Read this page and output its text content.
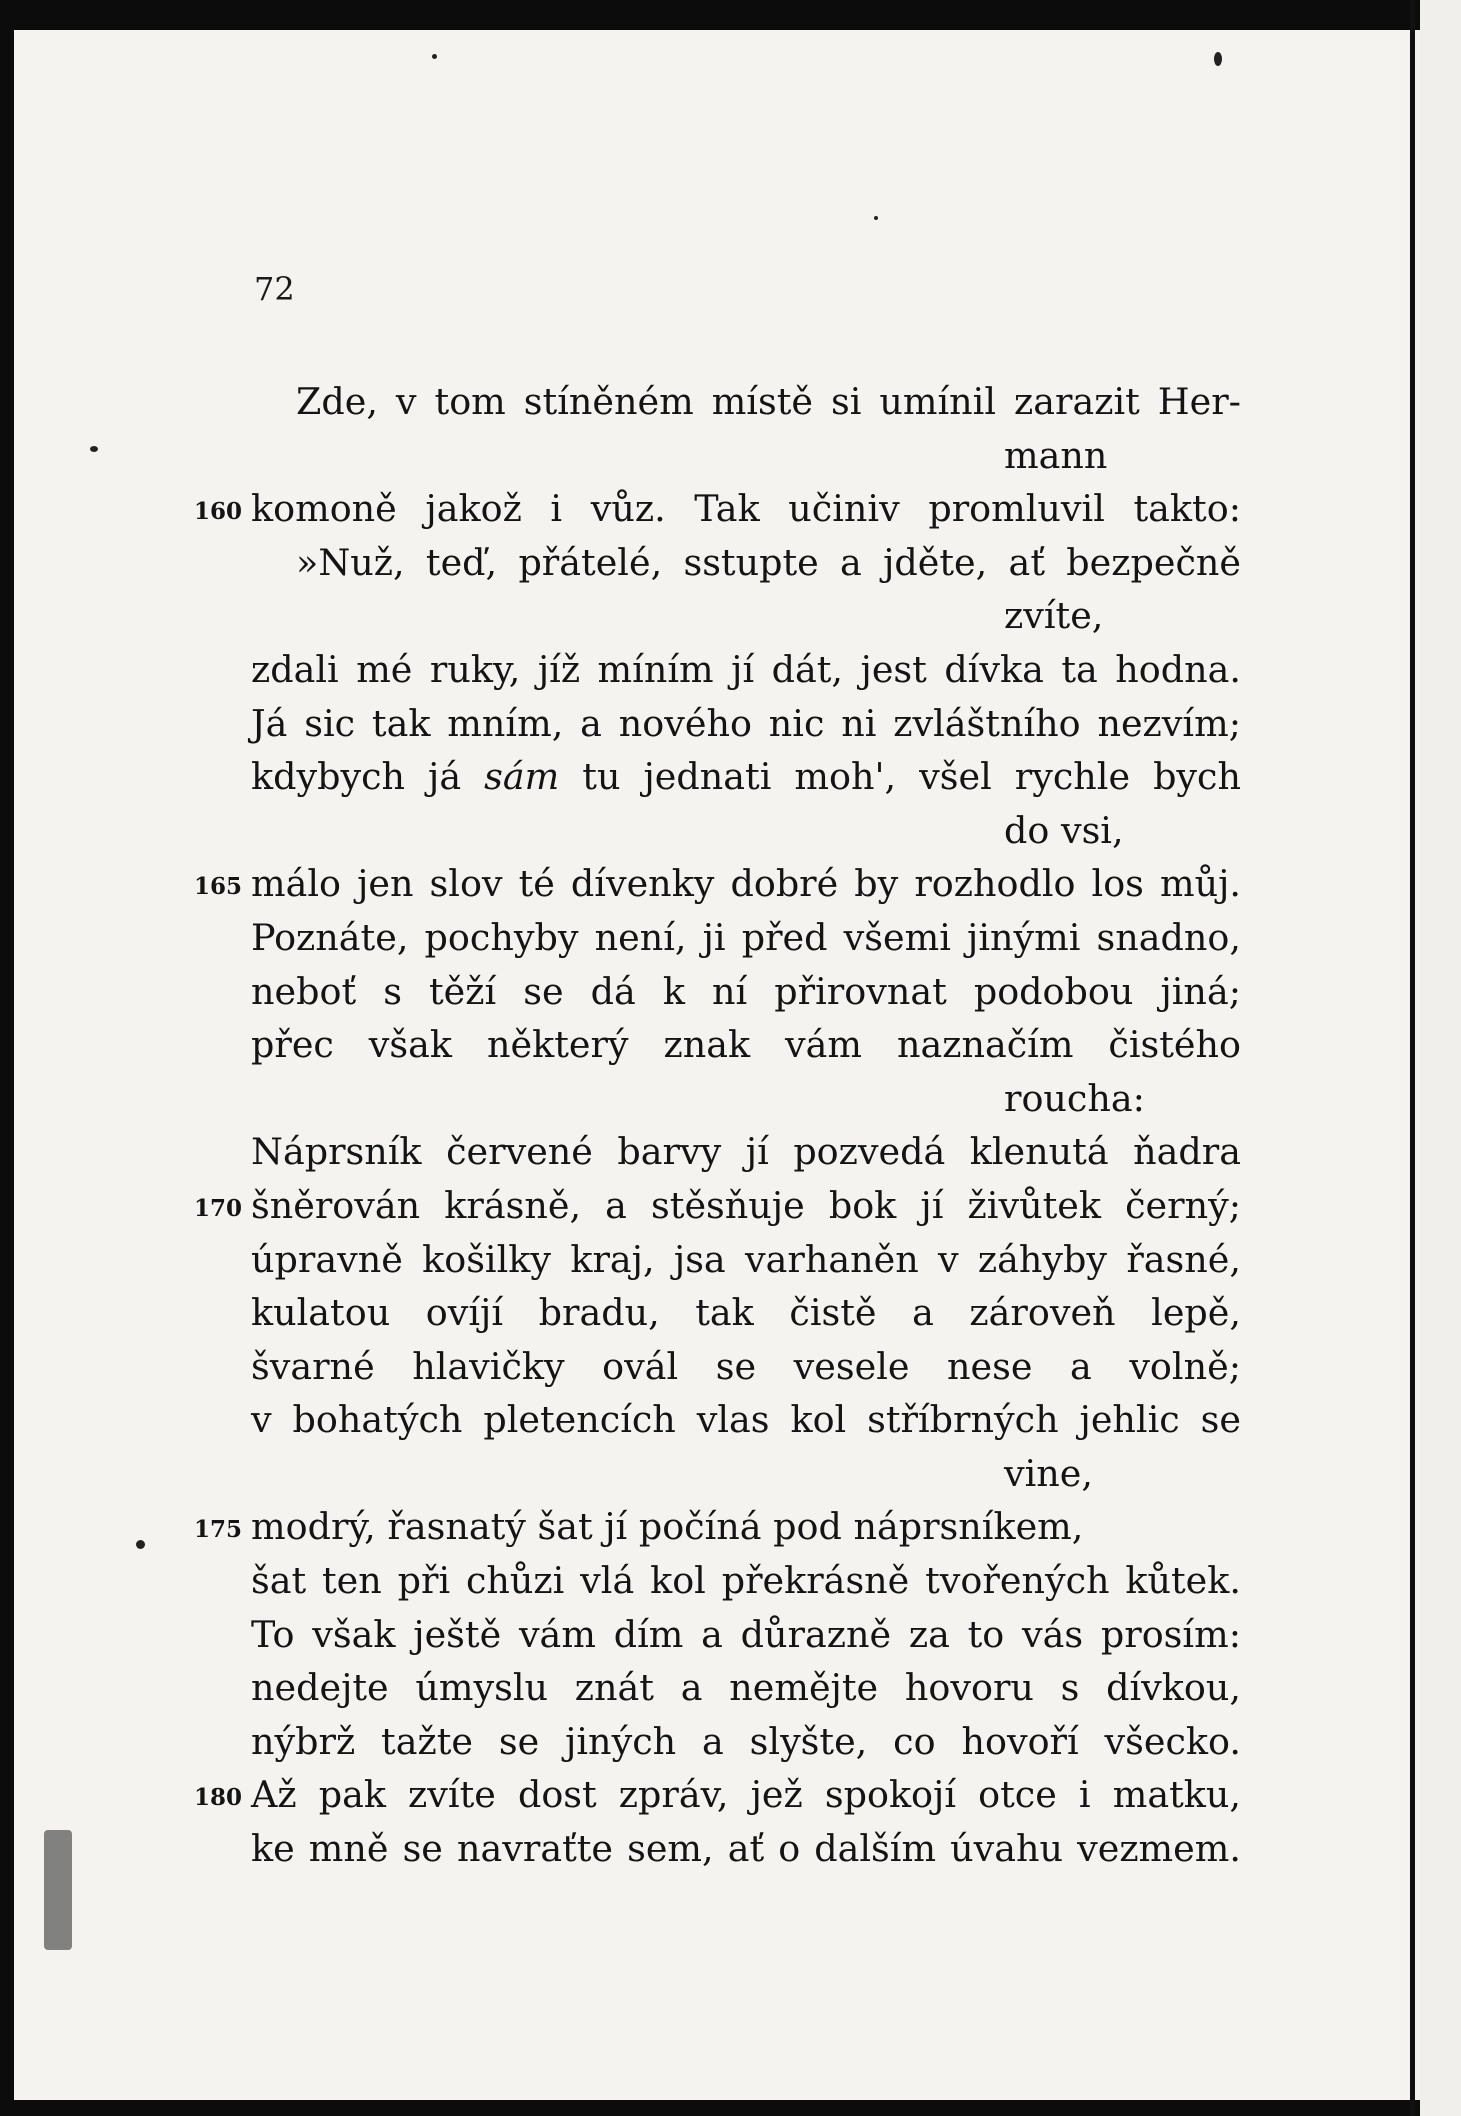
72
Zde, v tom stíněném místě si umínil zarazit Her-
mann
160 komoně jakož i vůz. Tak učiniv promluvil takto:
»Nuž, teď, přátelé, sstupte a jděte, ať bezpečně
zvíte,
zdali mé ruky, jíž míním jí dát, jest dívka ta hodna.
Já sic tak mním, a nového nic ni zvláštního nezvím;
kdybych já sám tu jednati moh', všel rychle bych
do vsi,
165 málo jen slov té dívenky dobré by rozhodlo los můj.
Poznáte, pochyby není, ji před všemi jinými snadno,
neboť s těží se dá k ní přirovnat podobou jiná;
přec však některý znak vám naznačím čistého
roucha:
Náprsník červené barvy jí pozvedá klenutá ňadra
170 šněrován krásně, a stěsňuje bok jí živůtek černý;
úpravně košilky kraj, jsa varhaněn v záhyby řasné,
kulatou ovíjí bradu, tak čistě a zároveň lepě,
švarné hlavičky ovál se vesele nese a volně;
v bohatých pletencích vlas kol stříbrných jehlic se
vine,
175 modrý, řasnatý šat jí počíná pod náprsníkem,
šat ten při chůzi vlá kol překrásně tvořených kůtek.
To však ještě vám dím a důrazně za to vás prosím:
nedejte úmyslu znát a nemějte hovoru s dívkou,
nýbrž tažte se jiných a slyšte, co hovoří všecko.
180 Až pak zvíte dost zpráv, jež spokojí otce i matku,
ke mně se navraťte sem, ať o dalším úvahu vezmem.
